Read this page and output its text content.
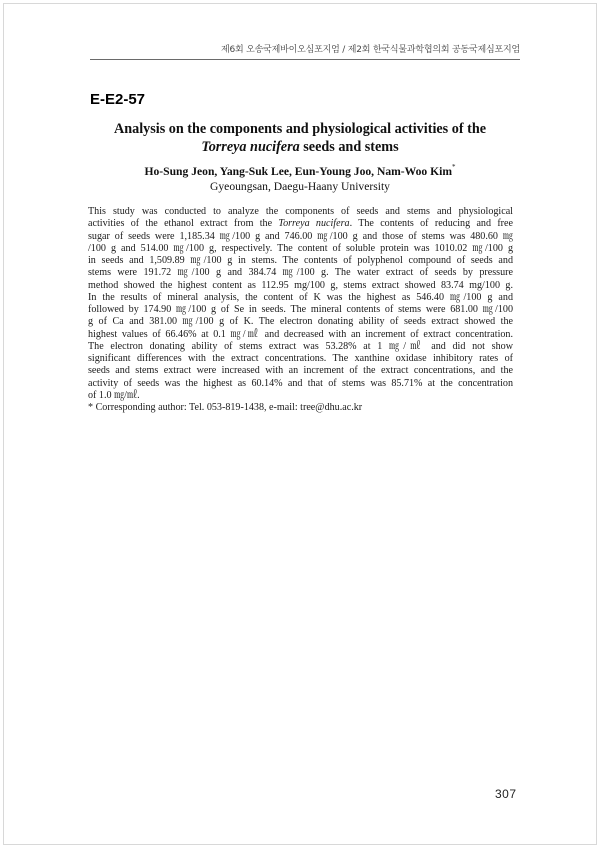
제6회 오송국제바이오심포지엄 / 제2회 한국식물과학협의회 공동국제심포지엄
E-E2-57
Analysis on the components and physiological activities of the
Torreya nucifera seeds and stems
Ho-Sung Jeon, Yang-Suk Lee, Eun-Young Joo, Nam-Woo Kim*
Gyeoungsan, Daegu-Haany University
This study was conducted to analyze the components of seeds and stems and physiological
activities of the ethanol extract from the Torreya nucifera. The contents of reducing and free
sugar of seeds were 1,185.34 ㎎/100 g and 746.00 ㎎/100 g and those of stems was 480.60 ㎎
/100 g and 514.00 ㎎/100 g, respectively. The content of soluble protein was 1010.02 ㎎/100 g
in seeds and 1,509.89 ㎎/100 g in stems. The contents of polyphenol compound of seeds and
stems were 191.72 ㎎/100 g and 384.74 ㎎/100 g. The water extract of seeds by pressure
method showed the highest content as 112.95 mg/100 g, stems extract showed 83.74 mg/100 g.
In the results of mineral analysis, the content of K was the highest as 546.40 ㎎/100 g and
followed by 174.90 ㎎/100 g of Se in seeds. The mineral contents of stems were 681.00 ㎎/100
g of Ca and 381.00 ㎎/100 g of K. The electron donating ability of seeds extract showed the
highest values of 66.46% at 0.1 ㎎/㎖ and decreased with an increment of extract concentration.
The electron donating ability of stems extract was 53.28% at 1 ㎎/㎖ and did not show
significant differences with the extract concentrations. The xanthine oxidase inhibitory rates of
seeds and stems extract were increased with an increment of the extract concentrations, and the
activity of seeds was the highest as 60.14% and that of stems was 85.71% at the concentration
of 1.0 ㎎/㎖.
* Corresponding author: Tel. 053-819-1438, e-mail: tree@dhu.ac.kr
307
